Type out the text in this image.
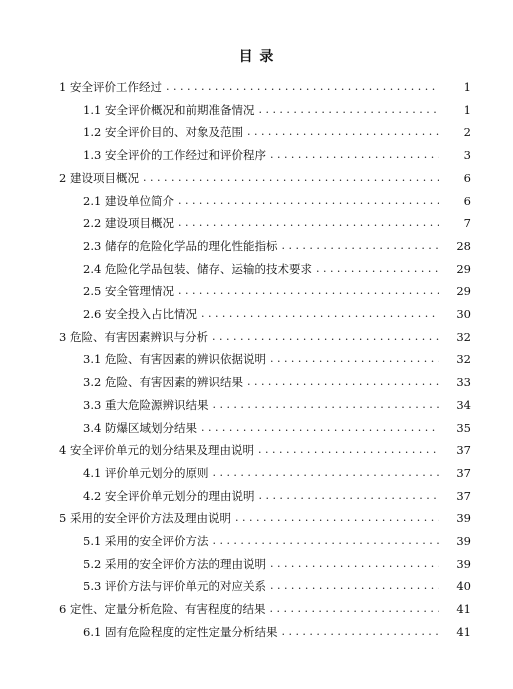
目 录
1 安全评价工作经过 . . .	1
1.1 安全评价概况和前期准备情况 . . .	1
1.2 安全评价目的、对象及范围 . . .	2
1.3 安全评价的工作经过和评价程序 . . .	3
2 建设项目概况 . . .	6
2.1 建设单位简介 . . .	6
2.2 建设项目概况 . . .	7
2.3 储存的危险化学品的理化性能指标 . . .	28
2.4 危险化学品包装、储存、运输的技术要求 . . .	29
2.5 安全管理情况 . . .	29
2.6 安全投入占比情况 . . .	30
3 危险、有害因素辨识与分析 . . .	32
3.1 危险、有害因素的辨识依据说明 . . .	32
3.2 危险、有害因素的辨识结果 . . .	33
3.3 重大危险源辨识结果 . . .	34
3.4 防爆区域划分结果 . . .	35
4 安全评价单元的划分结果及理由说明 . . .	37
4.1 评价单元划分的原则 . . .	37
4.2 安全评价单元划分的理由说明 . . .	37
5 采用的安全评价方法及理由说明 . . .	39
5.1 采用的安全评价方法 . . .	39
5.2 采用的安全评价方法的理由说明 . . .	39
5.3 评价方法与评价单元的对应关系 . . .	40
6 定性、定量分析危险、有害程度的结果 . . .	41
6.1 固有危险程度的定性定量分析结果 . . .	41
